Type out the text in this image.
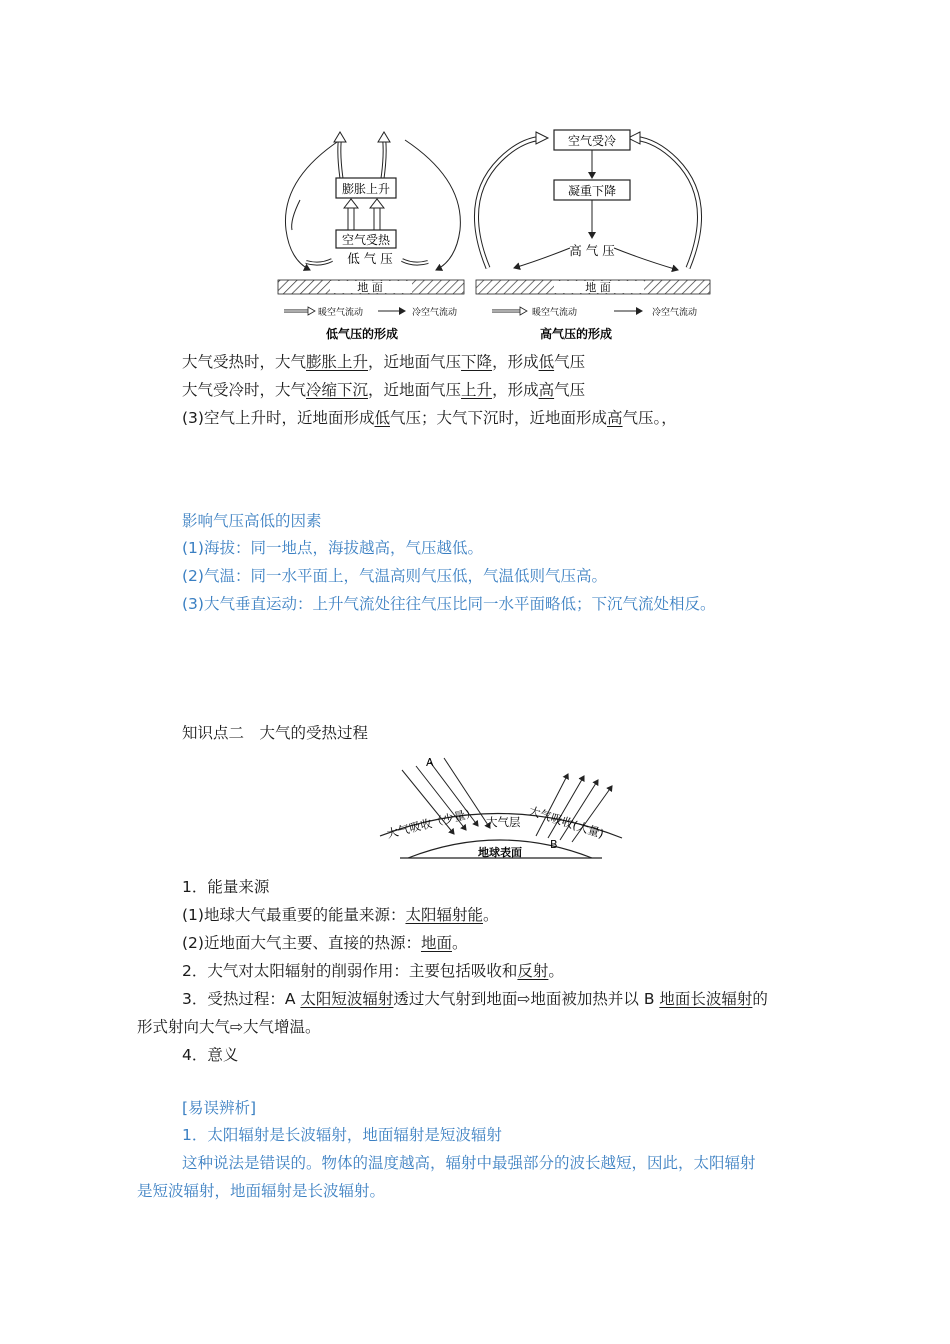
膨胀上升
空气受热
低 气 压
地 面
暖空气流动	冷空气流动
低气压的形成
空气受冷
凝重下降
高 气 压
地 面
暖空气流动	冷空气流动
高气压的形成
大气受热时，大气膨胀上升，近地面气压下降，形成低气压
大气受冷时，大气冷缩下沉，近地面气压上升，形成高气压
(3)空气上升时，近地面形成低气压；大气下沉时，近地面形成高气压。，
影响气压高低的因素
(1)海拔：同一地点，海拔越高，气压越低。
(2)气温：同一水平面上，气温高则气压低，气温低则气压高。
(3)大气垂直运动：上升气流处往往气压比同一水平面略低；下沉气流处相反。
知识点二　大气的受热过程
A
B
大气吸收（少量） 大气层 大气吸收(大量)
地球表面
1．能量来源
(1)地球大气最重要的能量来源：太阳辐射能。
(2)近地面大气主要、直接的热源：地面。
2．大气对太阳辐射的削弱作用：主要包括吸收和反射。
3．受热过程：A 太阳短波辐射透过大气射到地面⇨地面被加热并以 B 地面长波辐射的
形式射向大气⇨大气增温。
4．意义
[易误辨析]
1．太阳辐射是长波辐射，地面辐射是短波辐射
这种说法是错误的。物体的温度越高，辐射中最强部分的波长越短，因此，太阳辐射
是短波辐射，地面辐射是长波辐射。
